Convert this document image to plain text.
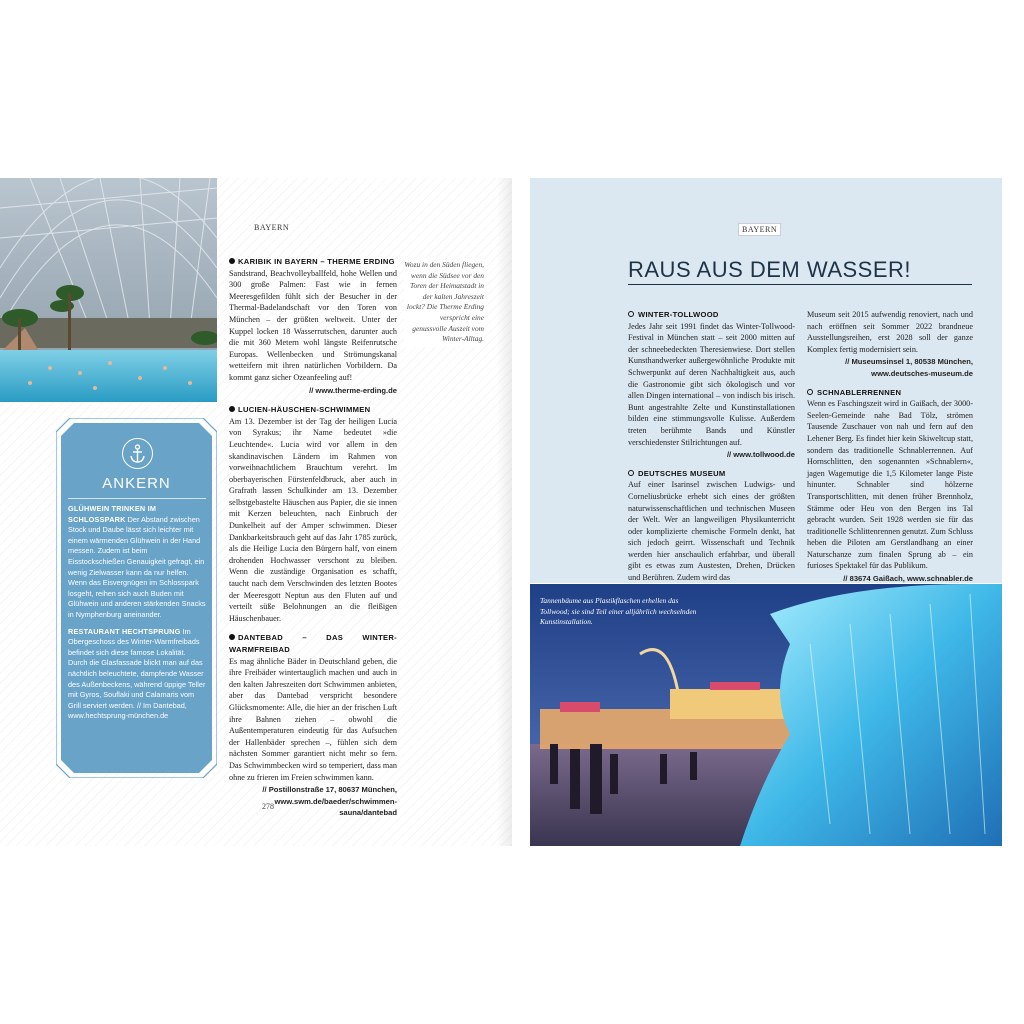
BAYERN
KARIBIK IN BAYERN – THERME ERDING

Sandstrand, Beachvolleyballfeld, hohe Wellen und 300 große Palmen: Fast wie in fernen Meeresgefilden fühlt sich der Besucher in der Thermal-Badelandschaft vor den Toren von München – der größten weltweit. Unter der Kuppel locken 18 Wasserrutschen, darunter auch die mit 360 Metern wohl längste Reifenrutsche Europas. Wellenbecken und Strömungskanal wetteifern mit ihren natürlichen Vorbildern. Da kommt ganz sicher Ozeanfeeling auf!

// www.therme-erding.de
LUCIEN-HÄUSCHEN-SCHWIMMEN

Am 13. Dezember ist der Tag der heiligen Lucia von Syrakus; ihr Name bedeutet »die Leuchtende«. Lucia wird vor allem in den skandinavischen Ländern im Rahmen von vorweihnachtlichem Brauchtum verehrt. Im oberbayerischen Fürstenfeldbruck, aber auch in Grafrath lassen Schulkinder am 13. Dezember selbstgebastelte Häuschen aus Papier, die sie innen mit Kerzen beleuchten, nach Einbruch der Dunkelheit auf der Amper schwimmen. Dieser Dankbarkeitsbrauch geht auf das Jahr 1785 zurück, als die Heilige Lucia den Bürgern half, von einem drohenden Hochwasser verschont zu bleiben. Wenn die zuständige Organisation es schafft, taucht nach dem Verschwinden des letzten Bootes der Meeresgott Neptun aus den Fluten auf und verteilt süße Belohnungen an die fleißigen Häuschenbauer.

DANTEBAD – DAS WINTER-WARMFREIBAD

Es mag ähnliche Bäder in Deutschland geben, die ihre Freibäder wintertauglich machen und auch in den kalten Jahreszeiten dort Schwimmen anbieten, aber das Dantebad verspricht besondere Glücksmomente: Alle, die hier an der frischen Luft ihre Bahnen ziehen – obwohl die Außentemperaturen eindeutig für das Aufsuchen der Hallenbäder sprechen –, fühlen sich dem nächsten Sommer garantiert nicht mehr so fern. Das Schwimmbecken wird so temperiert, dass man ohne zu frieren im Freien schwimmen kann.

// Postillonstraße 17, 80637 München, www.swm.de/baeder/schwimmen-sauna/dantebad
Wozu in den Süden fliegen, wenn die Südsee vor den Toren der Heimatstadt in der kalten Jahreszeit lockt? Die Therme Erding verspricht eine genussvolle Auszeit vom Winter-Alltag.
ANKERN

GLÜHWEIN TRINKEN IM SCHLOSSPARK Der Abstand zwischen Stock und Daube lässt sich leichter mit einem wärmenden Glühwein in der Hand messen. Zudem ist beim Eisstockschießen Genauigkeit gefragt, ein wenig Zielwasser kann da nur helfen. Wenn das Eisvergnügen im Schlosspark losgeht, reihen sich auch Buden mit Glühwein und anderen stärkenden Snacks in Nymphenburg aneinander.

RESTAURANT HECHTSPRUNG Im Obergeschoss des Winter-Warmfreibads befindet sich diese famose Lokalität. Durch die Glasfassade blickt man auf das nächtlich beleuchtete, dampfende Wasser des Außenbeckens, während üppige Teller mit Gyros, Souflaki und Calamaris vom Grill serviert werden. // Im Dantebad, www.hechtsprung-münchen.de

278
BAYERN
RAUS AUS DEM WASSER!
WINTER-TOLLWOOD

Jedes Jahr seit 1991 findet das Winter-Tollwood-Festival in München statt – seit 2000 mitten auf der schneebedeckten Theresienwiese. Dort stellen Kunsthandwerker außergewöhnliche Produkte mit Schwerpunkt auf deren Nachhaltigkeit aus, auch die Gastronomie gibt sich ökologisch und vor allen Dingen international – von indisch bis irisch. Bunt angestrahlte Zelte und Kunstinstallationen bilden eine stimmungsvolle Kulisse. Außerdem treten berühmte Bands und Künstler verschiedenster Stilrichtungen auf.

// www.tollwood.de
DEUTSCHES MUSEUM

Auf einer Isarinsel zwischen Ludwigs- und Corneliusbrücke erhebt sich eines der größten naturwissenschaftlichen und technischen Museen der Welt. Wer an langweiligen Physikunterricht oder komplizierte chemische Formeln denkt, hat sich jedoch geirrt. Wissenschaft und Technik werden hier anschaulich erfahrbar, und überall gibt es etwas zum Austesten, Drehen, Drücken und Berühren. Zudem wird das

Museum seit 2015 aufwendig renoviert, nach und nach eröffnen seit Sommer 2022 brandneue Ausstellungsreihen, erst 2028 soll der ganze Komplex fertig modernisiert sein.

// Museumsinsel 1, 80538 München, www.deutsches-museum.de
SCHNABLERRENNEN

Wenn es Faschingszeit wird in Gaißach, der 3000-Seelen-Gemeinde nahe Bad Tölz, strömen Tausende Zuschauer von nah und fern auf den Lehener Berg. Es findet hier kein Skiweltcup statt, sondern das traditionelle Schnablerrennen. Auf Hornschlitten, den sogenannten »Schnablern«, jagen Wagemutige die 1,5 Kilometer lange Piste hinunter. Schnabler sind hölzerne Transportschlitten, mit denen früher Brennholz, Stämme oder Heu von den Bergen ins Tal gebracht wurden. Seit 1928 werden sie für das traditionelle Schlittenrennen genutzt. Zum Schluss heben die Piloten am Gerstlandhang an einer Naturschanze zum finalen Sprung ab – ein furioses Spektakel für das Publikum.

// 83674 Gaißach, www.schnabler.de
Tannenbäume aus Plastikflaschen erhellen das Tollwood; sie sind Teil einer alljährlich wechselnden Kunstinstallation.
